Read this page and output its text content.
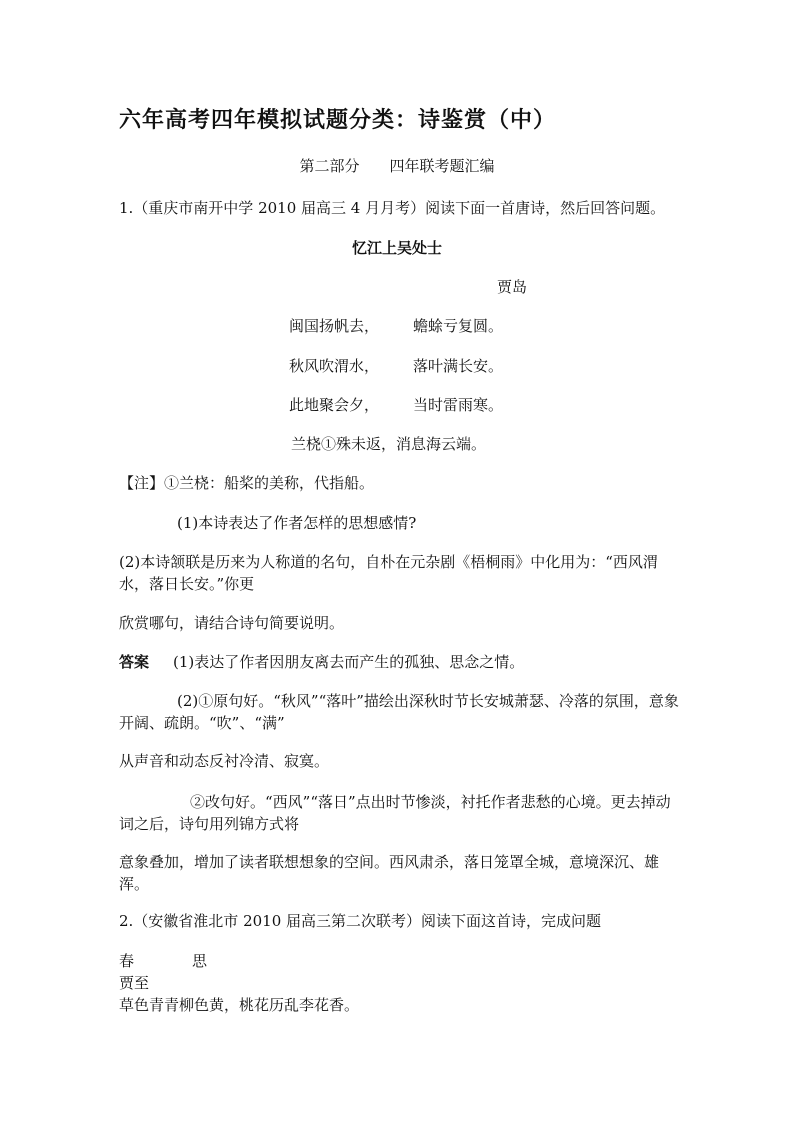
六年高考四年模拟试题分类：诗鉴赏（中）
第二部分 四年联考题汇编
1.（重庆市南开中学 2010 届高三 4 月月考）阅读下面一首唐诗，然后回答问题。
忆江上吴处士
贾岛
闽国扬帆去， 蟾蜍亏复圆。
秋风吹渭水， 落叶满长安。
此地聚会夕， 当时雷雨寒。
兰桡①殊未返，消息海云端。
【注】①兰桡：船桨的美称，代指船。
(1)本诗表达了作者怎样的思想感情?
(2)本诗颔联是历来为人称道的名句，自朴在元杂剧《梧桐雨》中化用为：“西风渭水，落日长安。”你更
欣赏哪句，请结合诗句简要说明。
答案 (1)表达了作者因朋友离去而产生的孤独、思念之情。
(2)①原句好。“秋风”“落叶”描绘出深秋时节长安城萧瑟、冷落的氛围，意象开阔、疏朗。“吹”、“满”
从声音和动态反衬冷清、寂寞。
②改句好。“西风”“落日”点出时节惨淡，衬托作者悲愁的心境。更去掉动词之后，诗句用列锦方式将
意象叠加，增加了读者联想想象的空间。西风肃杀，落日笼罩全城，意境深沉、雄浑。
2.（安徽省淮北市 2010 届高三第二次联考）阅读下面这首诗，完成问题
春	思
贾至
草色青青柳色黄，桃花历乱李花香。
